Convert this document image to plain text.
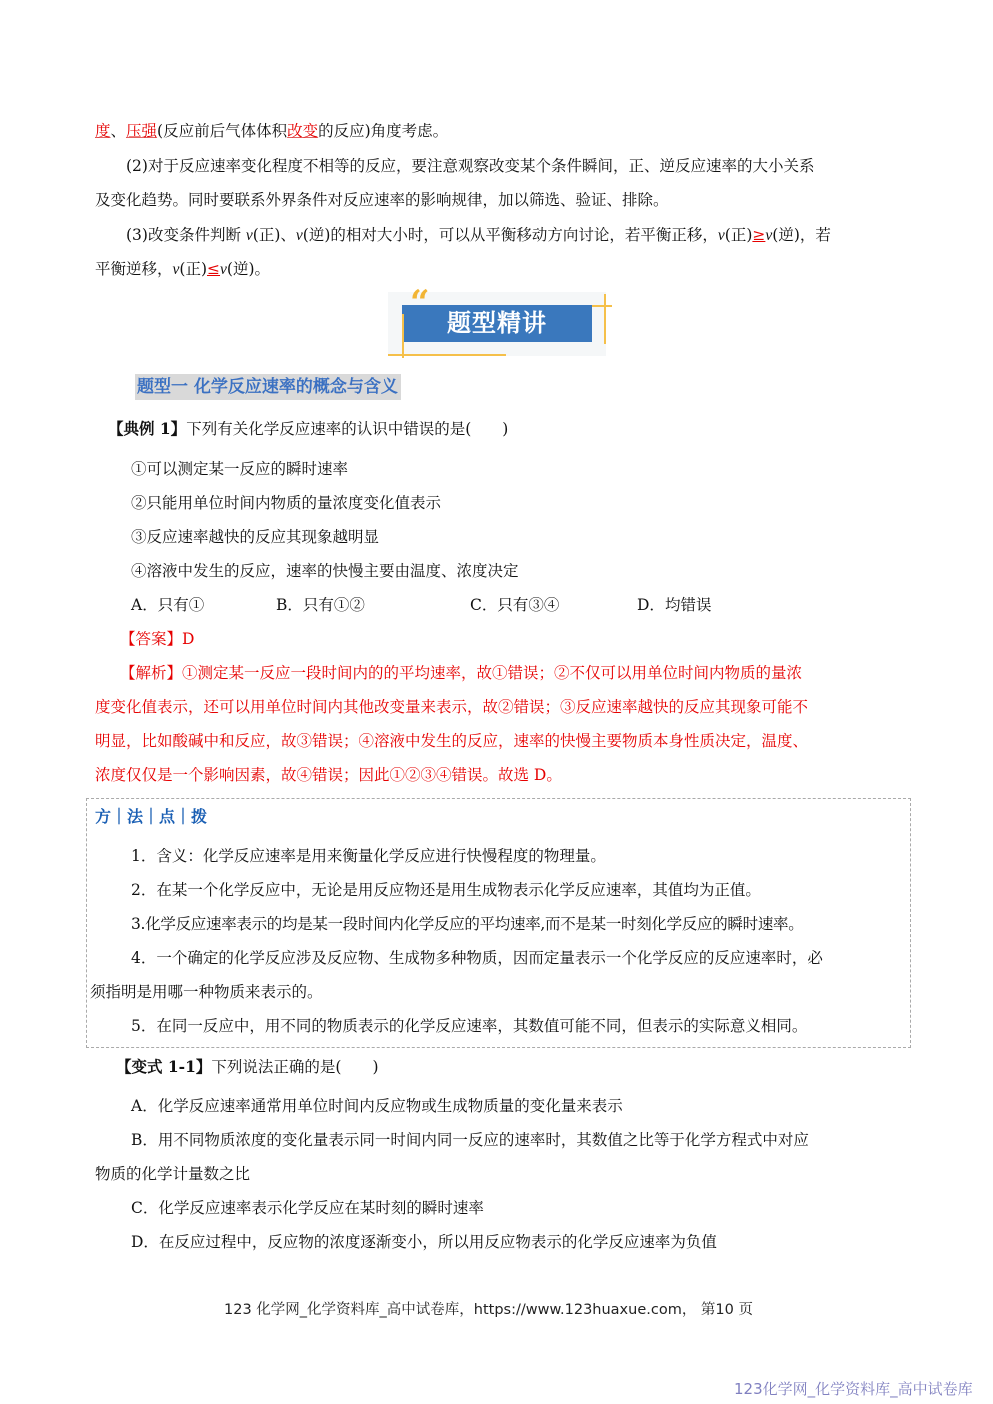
度、压强(反应前后气体体积改变的反应)角度考虑。
(2)对于反应速率变化程度不相等的反应，要注意观察改变某个条件瞬间，正、逆反应速率的大小关系
及变化趋势。同时要联系外界条件对反应速率的影响规律，加以筛选、验证、排除。
(3)改变条件判断 v(正)、v(逆)的相对大小时，可以从平衡移动方向讨论，若平衡正移，v(正)≥v(逆)，若
平衡逆移，v(正)≤v(逆)。
题型精讲
“
题型一 化学反应速率的概念与含义
【典例 1】下列有关化学反应速率的认识中错误的是(　　)
①可以测定某一反应的瞬时速率
②只能用单位时间内物质的量浓度变化值表示
③反应速率越快的反应其现象越明显
④溶液中发生的反应，速率的快慢主要由温度、浓度决定
A．只有①	B．只有①②	C．只有③④	D．均错误
【答案】D
【解析】①测定某一反应一段时间内的的平均速率，故①错误；②不仅可以用单位时间内物质的量浓
度变化值表示，还可以用单位时间内其他改变量来表示，故②错误；③反应速率越快的反应其现象可能不
明显，比如酸碱中和反应，故③错误；④溶液中发生的反应，速率的快慢主要物质本身性质决定，温度、
浓度仅仅是一个影响因素，故④错误；因此①②③④错误。故选 D。
方｜法｜点｜拨
1．含义：化学反应速率是用来衡量化学反应进行快慢程度的物理量。
2．在某一个化学反应中，无论是用反应物还是用生成物表示化学反应速率，其值均为正值。
3.化学反应速率表示的均是某一段时间内化学反应的平均速率,而不是某一时刻化学反应的瞬时速率。
4．一个确定的化学反应涉及反应物、生成物多种物质，因而定量表示一个化学反应的反应速率时，必
须指明是用哪一种物质来表示的。
5．在同一反应中，用不同的物质表示的化学反应速率，其数值可能不同，但表示的实际意义相同。
【变式 1-1】下列说法正确的是(　　)
A．化学反应速率通常用单位时间内反应物或生成物质量的变化量来表示
B．用不同物质浓度的变化量表示同一时间内同一反应的速率时，其数值之比等于化学方程式中对应
物质的化学计量数之比
C．化学反应速率表示化学反应在某时刻的瞬时速率
D．在反应过程中，反应物的浓度逐渐变小，所以用反应物表示的化学反应速率为负值
123 化学网_化学资料库_高中试卷库，https://www.123huaxue.com， 第10 页
123化学网_化学资料库_高中试卷库
